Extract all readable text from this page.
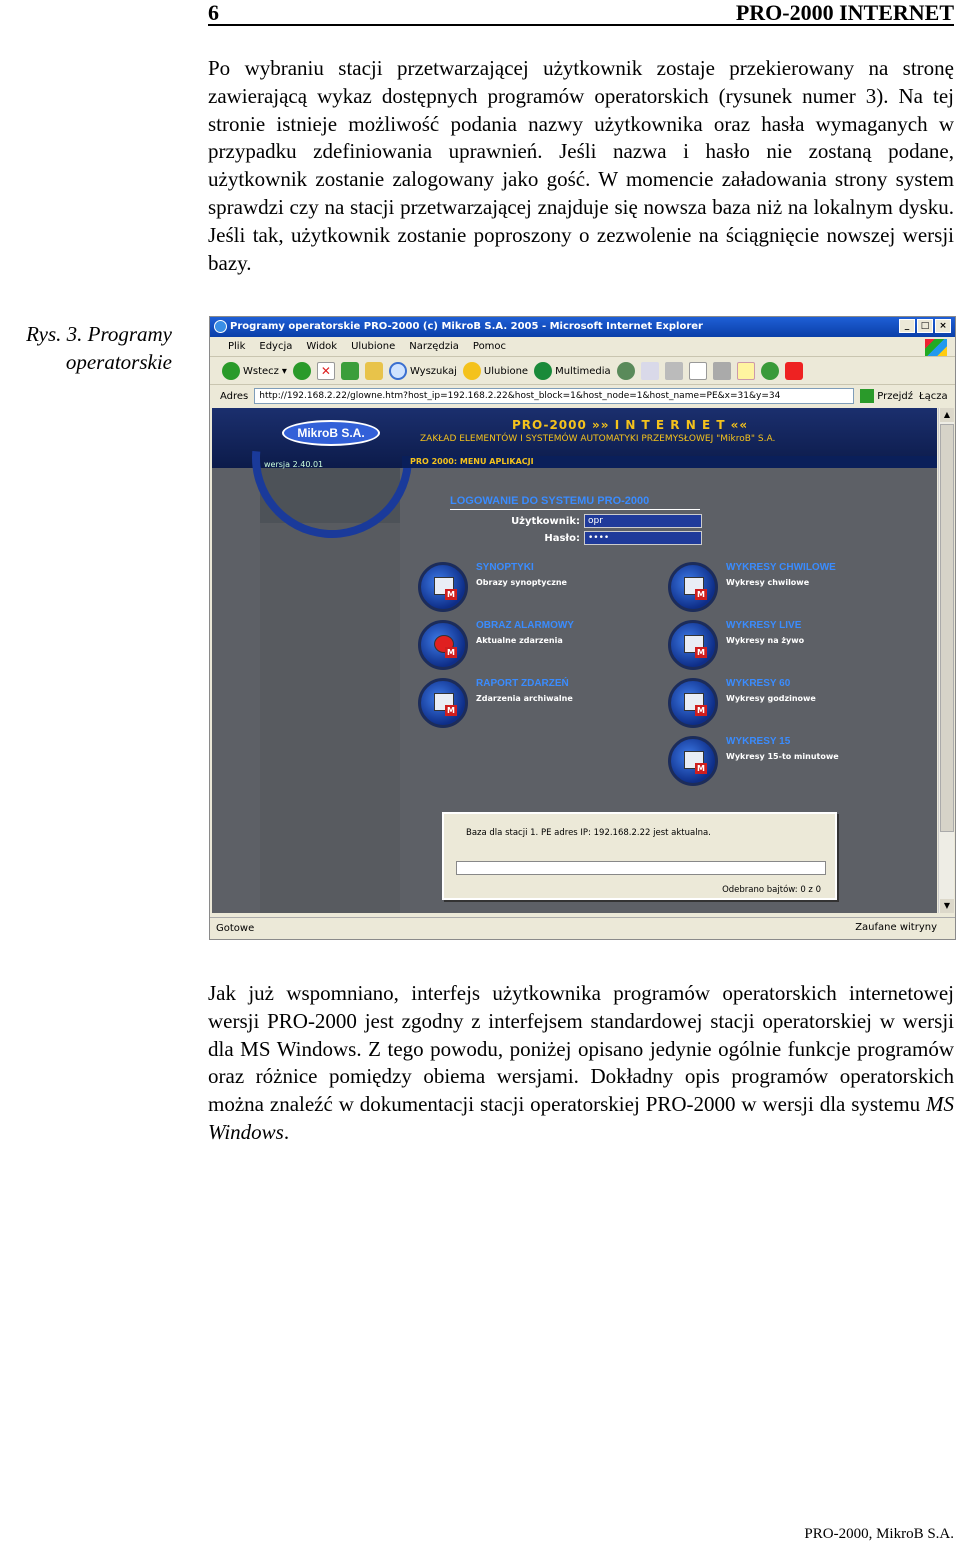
6	PRO-2000 INTERNET

Po wybraniu stacji przetwarzającej użytkownik zostaje przekierowany na stronę zawierającą wykaz dostępnych programów operatorskich (rysunek numer 3). Na tej stronie istnieje możliwość podania nazwy użytkownika oraz hasła wymaganych w przypadku zdefiniowania uprawnień. Jeśli nazwa i hasło nie zostaną podane, użytkownik zostanie zalogowany jako gość. W momencie załadowania strony system sprawdzi czy na stacji przetwarzającej znajduje się nowsza baza niż na lokalnym dysku. Jeśli tak, użytkownik zostanie poproszony o zezwolenie na ściągnięcie nowszej wersji bazy.

Rys. 3. Programy
operatorskie
Programy operatorskie PRO-2000 (c) MikroB S.A. 2005 - Microsoft Internet Explorer	_	□	×
Plik Edycja Widok Ulubione Narzędzia Pomoc
Wstecz ▾	✕	Wyszukaj	Ulubione	Multimedia
Adres	http://192.168.2.22/glowne.htm?host_ip=192.168.2.22&host_block=1&host_node=1&host_name=PE&x=31&y=34	Przejdź Łącza
PRO-2000 »» I N T E R N E T ««
ZAKŁAD ELEMENTÓW I SYSTEMÓW AUTOMATYKI PRZEMYSŁOWEJ "MikroB" S.A.
MikroB S.A.
PRO 2000: MENU APLIKACJI
wersja 2.40.01
LOGOWANIE DO SYSTEMU PRO-2000
Użytkownik: opr
Hasło: ••••
M
SYNOPTYKI
Obrazy synoptyczne
M
OBRAZ ALARMOWY
Aktualne zdarzenia
M
RAPORT ZDARZEŃ
Zdarzenia archiwalne
M
WYKRESY CHWILOWE
Wykresy chwilowe
M
WYKRESY LIVE
Wykresy na żywo
M
WYKRESY 60
Wykresy godzinowe
M
WYKRESY 15
Wykresy 15-to minutowe
Baza dla stacji 1. PE adres IP: 192.168.2.22 jest aktualna.
Odebrano bajtów: 0 z 0
▲
▼
Gotowe	Zaufane witryny

Jak już wspomniano, interfejs użytkownika programów operatorskich internetowej wersji PRO-2000 jest zgodny z interfejsem standardowej stacji operatorskiej w wersji dla MS Windows. Z tego powodu, poniżej opisano jedynie ogólnie funkcje programów oraz różnice pomiędzy obiema wersjami. Dokładny opis programów operatorskich można znaleźć w dokumentacji stacji operatorskiej PRO-2000 w wersji dla systemu MS Windows.

PRO-2000, MikroB S.A.
